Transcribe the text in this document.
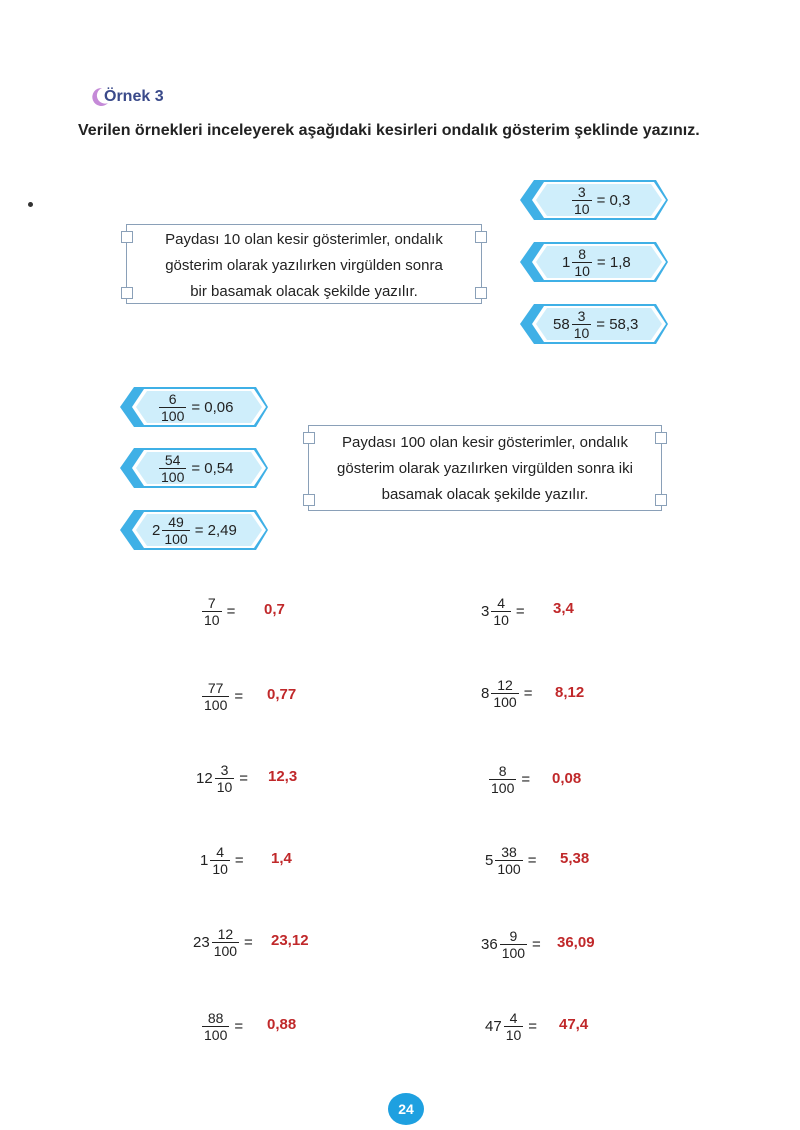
Örnek 3
Verilen örnekleri inceleyerek aşağıdaki kesirleri ondalık gösterim şeklinde yazınız.
Paydası 10 olan kesir gösterimler, ondalık
gösterim olarak yazılırken virgülden sonra
bir basamak olacak şekilde yazılır.
Paydası 100 olan kesir gösterimler, ondalık
gösterim olarak yazılırken virgülden sonra iki
basamak olacak şekilde yazılır.
$\frac{3}{10} = 0,3$
$1 \frac{8}{10} = 1,8$
$58 \frac{3}{10} = 58,3$
$\frac{6}{100} = 0,06$
$\frac{54}{100} = 0,54$
$2 \frac{49}{100} = 2,49$
$\frac{7}{10} = 0,7$
$\frac{77}{100} = 0,77$
$12 \frac{3}{10} = 12,3$
$1 \frac{4}{10} = 1,4$
$23 \frac{12}{100} = 23,12$
$\frac{88}{100} = 0,88$
$3 \frac{4}{10} = 3,4$
$8 \frac{12}{100} = 8,12$
$\frac{8}{100} = 0,08$
$5 \frac{38}{100} = 5,38$
$36 \frac{9}{100} = 36,09$
$47 \frac{4}{10} = 47,4$
24
